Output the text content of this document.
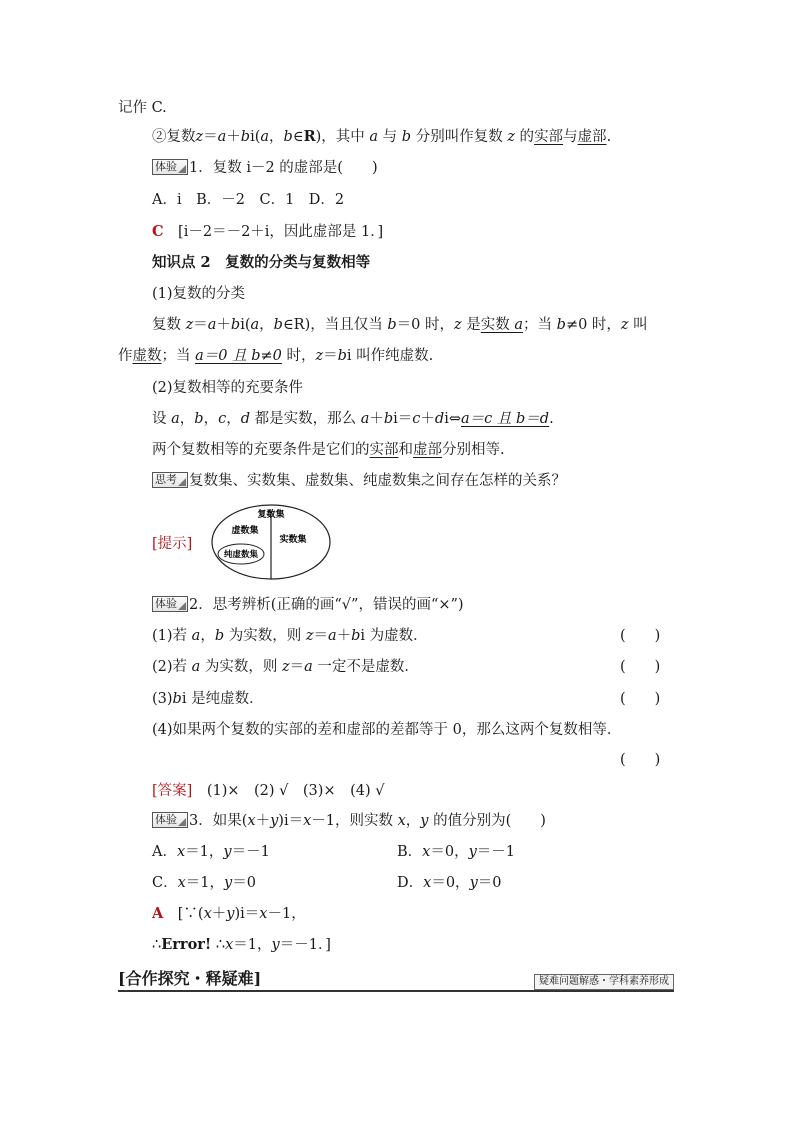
记作 C.
②复数z＝a＋bi(a，b∈R)，其中 a 与 b 分别叫作复数 z 的实部与虚部.
体验 1．复数 i－2 的虚部是(　　)
A．i　B．－2　C．1　D．2
C　[i－2＝－2＋i，因此虚部是 1．]
知识点 2　复数的分类与复数相等
(1)复数的分类
复数 z＝a＋bi(a，b∈R)，当且仅当 b＝0 时，z 是实数 a；当 b≠0 时，z 叫
作虚数；当 a＝0 且 b≠0 时，z＝bi 叫作纯虚数.
(2)复数相等的充要条件
设 a，b，c，d 都是实数，那么 a＋bi＝c＋di⇔a＝c 且 b＝d.
两个复数相等的充要条件是它们的实部和虚部分别相等.
思考 复数集、实数集、虚数集、纯虚数集之间存在怎样的关系？
[提示]
复数集
虚数集
实数集
纯虚数集
体验 2．思考辨析(正确的画“√”，错误的画“×”)
(1)若 a，b 为实数，则 z＝a＋bi 为虚数．	(　　)
(2)若 a 为实数，则 z＝a 一定不是虚数．	(　　)
(3)bi 是纯虚数．	(　　)
(4)如果两个复数的实部的差和虚部的差都等于 0，那么这两个复数相等．
(　　)
[答案]　(1)×　(2) √　(3)×　(4) √
体验 3．如果(x＋y)i＝x－1，则实数 x，y 的值分别为(　　)
A．x＝1，y＝－1	B．x＝0，y＝－1
C．x＝1，y＝0	D．x＝0，y＝0
A　[∵(x＋y)i＝x－1，
∴Error! ∴x＝1，y＝－1．]
[合作探究・释疑难]	疑难问题解惑・学科素养形成
